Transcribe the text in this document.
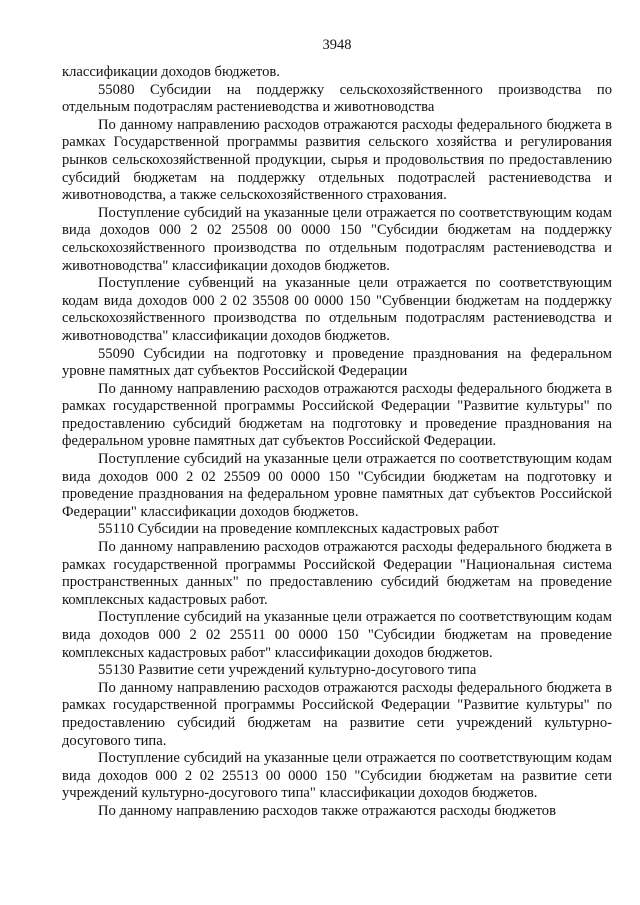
3948

классификации доходов бюджетов.

55080 Субсидии на поддержку сельскохозяйственного производства по отдельным подотраслям растениеводства и животноводства

По данному направлению расходов отражаются расходы федерального бюджета в рамках Государственной программы развития сельского хозяйства и регулирования рынков сельскохозяйственной продукции, сырья и продовольствия по предоставлению субсидий бюджетам на поддержку отдельных подотраслей растениеводства и животноводства, а также сельскохозяйственного страхования.

Поступление субсидий на указанные цели отражается по соответствующим кодам вида доходов 000 2 02 25508 00 0000 150 "Субсидии бюджетам на поддержку сельскохозяйственного производства по отдельным подотраслям растениеводства и животноводства" классификации доходов бюджетов.

Поступление субвенций на указанные цели отражается по соответствующим кодам вида доходов 000 2 02 35508 00 0000 150 "Субвенции бюджетам на поддержку сельскохозяйственного производства по отдельным подотраслям растениеводства и животноводства" классификации доходов бюджетов.

55090 Субсидии на подготовку и проведение празднования на федеральном уровне памятных дат субъектов Российской Федерации

По данному направлению расходов отражаются расходы федерального бюджета в рамках государственной программы Российской Федерации "Развитие культуры" по предоставлению субсидий бюджетам на подготовку и проведение празднования на федеральном уровне памятных дат субъектов Российской Федерации.

Поступление субсидий на указанные цели отражается по соответствующим кодам вида доходов 000 2 02 25509 00 0000 150 "Субсидии бюджетам на подготовку и проведение празднования на федеральном уровне памятных дат субъектов Российской Федерации" классификации доходов бюджетов.

55110 Субсидии на проведение комплексных кадастровых работ

По данному направлению расходов отражаются расходы федерального бюджета в рамках государственной программы Российской Федерации "Национальная система пространственных данных" по предоставлению субсидий бюджетам на проведение комплексных кадастровых работ.

Поступление субсидий на указанные цели отражается по соответствующим кодам вида доходов 000 2 02 25511 00 0000 150 "Субсидии бюджетам на проведение комплексных кадастровых работ" классификации доходов бюджетов.

55130 Развитие сети учреждений культурно-досугового типа

По данному направлению расходов отражаются расходы федерального бюджета в рамках государственной программы Российской Федерации "Развитие культуры" по предоставлению субсидий бюджетам на развитие сети учреждений культурно-досугового типа.

Поступление субсидий на указанные цели отражается по соответствующим кодам вида доходов 000 2 02 25513 00 0000 150 "Субсидии бюджетам на развитие сети учреждений культурно-досугового типа" классификации доходов бюджетов.

По данному направлению расходов также отражаются расходы бюджетов
